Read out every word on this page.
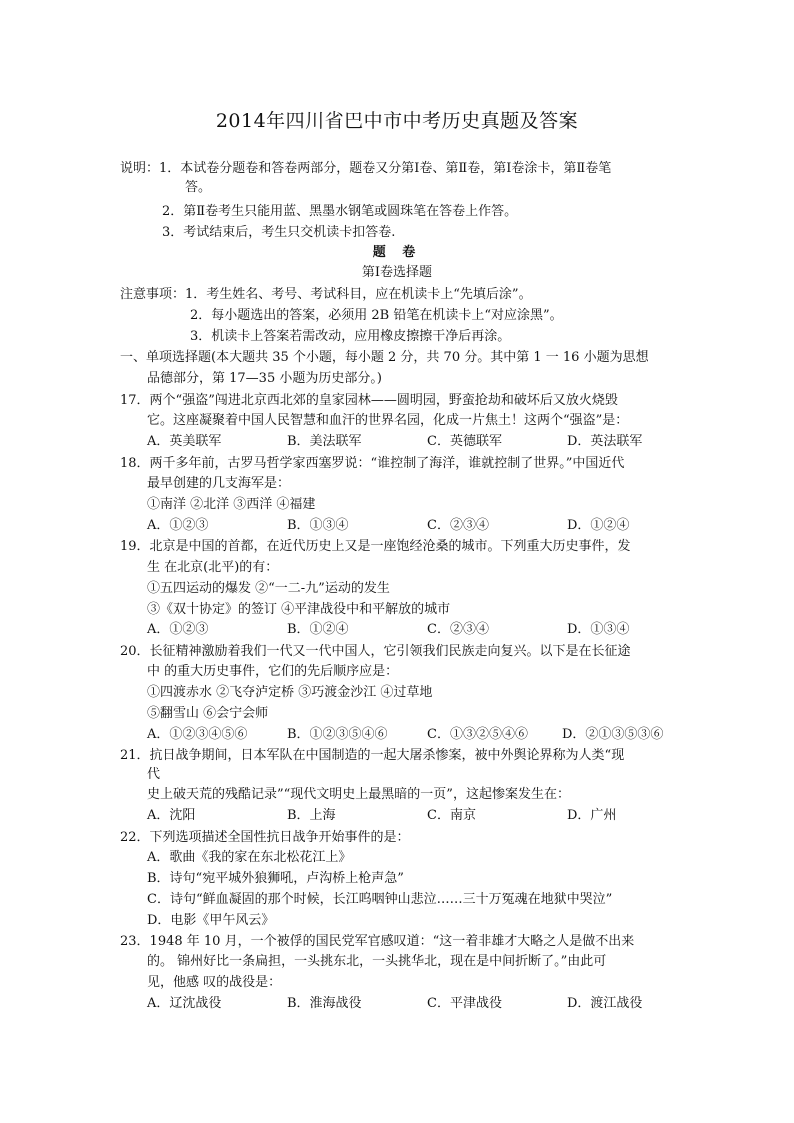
2014年四川省巴中市中考历史真题及答案
说明：1．本试卷分题卷和答卷两部分，题卷又分第Ⅰ卷、第Ⅱ卷，第Ⅰ卷涂卡，第Ⅱ卷笔
答。
2．第Ⅱ卷考生只能用蓝、黑墨水钢笔或圆珠笔在答卷上作答。
3．考试结束后，考生只交机读卡扣答卷.
题 卷
第Ⅰ卷选择题
注意事项：1．考生姓名、考号、考试科目，应在机读卡上“先填后涂”。
2．每小题选出的答案，必须用 2B 铅笔在机读卡上“对应涂黑”。
3．机读卡上答案若需改动，应用橡皮擦擦干净后再涂。
一、单项选择题(本大题共 35 个小题，每小题 2 分，共 70 分。其中第 1 一 16 小题为思想
品德部分，第 17—35 小题为历史部分。)
17．两个“强盗”闯进北京西北郊的皇家园林——圆明园，野蛮抢劫和破坏后又放火烧毁
它。这座凝聚着中国人民智慧和血汗的世界名园，化成一片焦土！这两个“强盗”是：
A．英美联军	B．美法联军	C．英德联军	D．英法联军
18．两千多年前，古罗马哲学家西塞罗说：“谁控制了海洋，谁就控制了世界。”中国近代
最早创建的几支海军是：
①南洋 ②北洋 ③西洋 ④福建
A．①②③	B．①③④	C．②③④	D．①②④
19．北京是中国的首都，在近代历史上又是一座饱经沧桑的城市。下列重大历史事件，发
生 在北京(北平)的有：
①五四运动的爆发 ②“一二-九”运动的发生
③《双十协定》的签订 ④平津战役中和平解放的城市
A．①②③	B．①②④	C．②③④	D．①③④
20．长征精神激励着我们一代又一代中国人，它引领我们民族走向复兴。以下是在长征途
中 的重大历史事件，它们的先后顺序应是：
①四渡赤水 ②飞夺泸定桥 ③巧渡金沙江 ④过草地
⑤翻雪山 ⑥会宁会师
A．①②③④⑤⑥	B．①②③⑤④⑥	C．①③②⑤④⑥	D．②①③⑤③⑥
21．抗日战争期间，日本军队在中国制造的一起大屠杀惨案，被中外舆论界称为人类“现
代
史上破天荒的残酷记录”“现代文明史上最黑暗的一页”，这起惨案发生在：
A．沈阳	B．上海	C．南京	D．广州
22．下列选项描述全国性抗日战争开始事件的是：
A．歌曲《我的家在东北松花江上》
B．诗句“宛平城外狼狮吼，卢沟桥上枪声急”
C．诗句“鲜血凝固的那个时候，长江呜咽钟山悲泣……三十万冤魂在地狱中哭泣”
D．电影《甲午风云》
23．1948 年 10 月，一个被俘的国民党军官感叹道：“这一着非雄才大略之人是做不出来
的。 锦州好比一条扁担，一头挑东北，一头挑华北，现在是中间折断了。”由此可
见，他感 叹的战役是：
A．辽沈战役	B．淮海战役	C．平津战役	D．渡江战役
